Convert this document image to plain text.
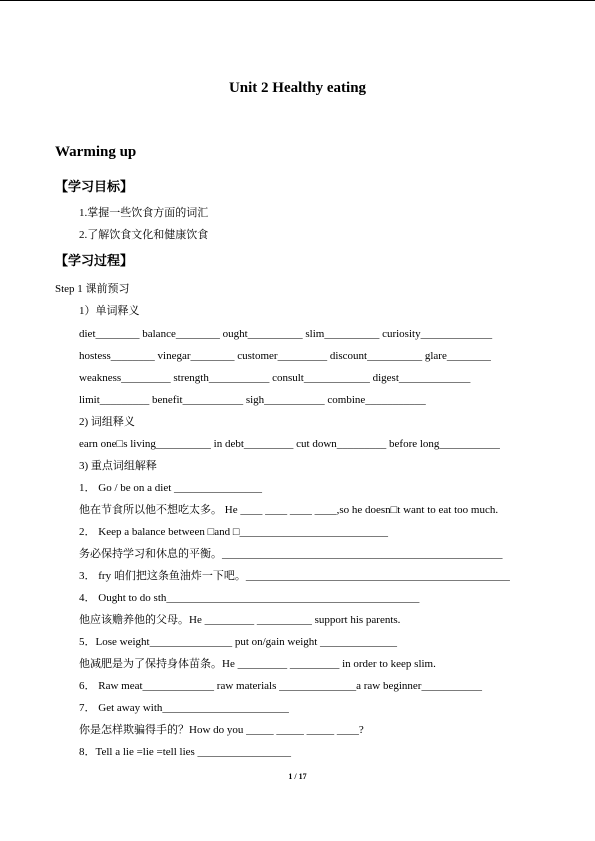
Unit 2 Healthy eating
Warming up
【学习目标】
1.掌握一些饮食方面的词汇
2.了解饮食文化和健康饮食
【学习过程】
Step 1 课前预习
1）单词释义
diet________ balance________ ought__________ slim__________ curiosity_____________
hostess________ vinegar________ customer_________ discount__________ glare________
weakness_________ strength___________ consult____________ digest_____________
limit_________ benefit___________ sigh___________ combine___________
2) 词组释义
earn one□s living__________ in debt_________ cut down_________ before long___________
3) 重点词组解释
1． Go / be on a diet ________________
他在节食所以他不想吃太多。 He ____ ____ ____ ____,so he doesn□t want to eat too much.
2． Keep a balance between □and □___________________________
务必保持学习和休息的平衡。___________________________________________________
3． fry 咱们把这条鱼油炸一下吧。________________________________________________
4． Ought to do sth______________________________________________
他应该赡养他的父母。He _________ __________ support his parents.
5．Lose weight_______________ put on/gain weight ______________
他减肥是为了保持身体苗条。He _________ _________ in order to keep slim.
6． Raw meat_____________ raw materials ______________a raw beginner___________
7． Get away with_______________________
你是怎样欺骗得手的？How do you _____ _____ _____ ____?
8．Tell a lie =lie =tell lies _________________
1 / 17
